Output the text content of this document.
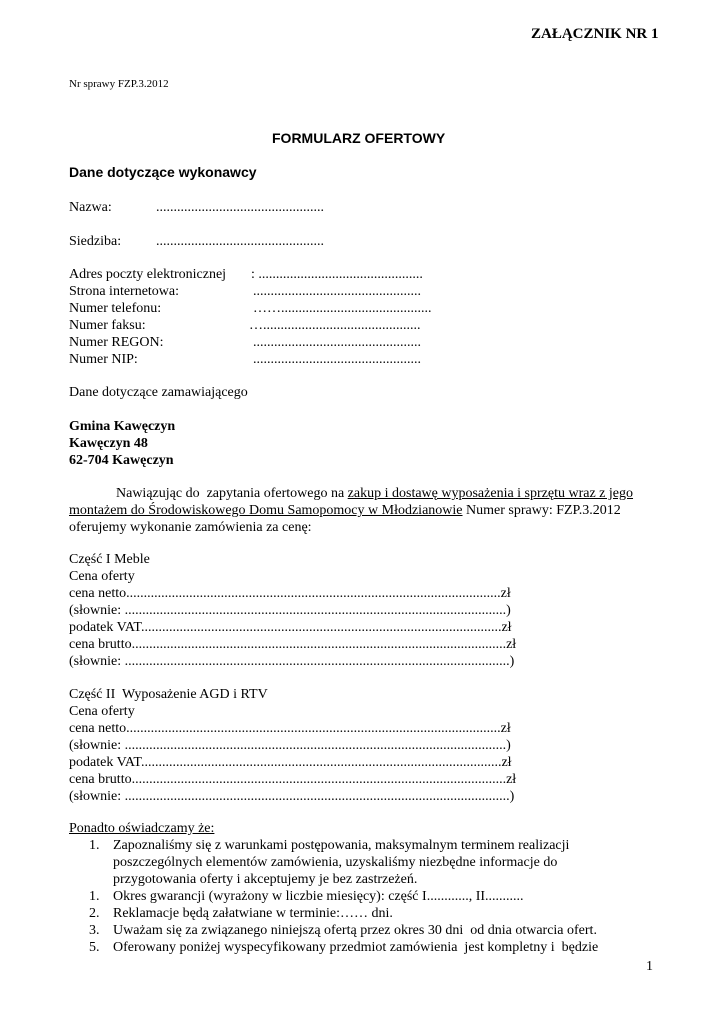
ZAŁĄCZNIK NR 1
Nr sprawy FZP.3.2012
FORMULARZ OFERTOWY
Dane dotyczące wykonawcy
Nazwa:	................................................
Siedziba: ................................................
Adres poczty elektronicznej : ...............................................
Strona internetowa:	................................................
Numer telefonu:	……...........................................
Numer faksu:	….............................................
Numer REGON:	................................................
Numer NIP:	................................................
Dane dotyczące zamawiającego
Gmina Kawęczyn
Kawęczyn 48
62-704 Kawęczyn
Nawiązując do  zapytania ofertowego na zakup i dostawę wyposażenia i sprzętu wraz z jego
montażem do Środowiskowego Domu Samopomocy w Młodzianowie Numer sprawy: FZP.3.2012
oferujemy wykonanie zamówienia za cenę:
Część I Meble
Cena oferty
cena netto...........................................................................................................zł
(słownie: .............................................................................................................)
podatek VAT.......................................................................................................zł
cena brutto...........................................................................................................zł
(słownie: ..............................................................................................................)
Część II  Wyposażenie AGD i RTV
Cena oferty
cena netto...........................................................................................................zł
(słownie: .............................................................................................................)
podatek VAT.......................................................................................................zł
cena brutto...........................................................................................................zł
(słownie: ..............................................................................................................)
Ponadto oświadczamy że:
1. Zapoznaliśmy się z warunkami postępowania, maksymalnym terminem realizacji
poszczególnych elementów zamówienia, uzyskaliśmy niezbędne informacje do
przygotowania oferty i akceptujemy je bez zastrzeżeń.
1. Okres gwarancji (wyrażony w liczbie miesięcy): część I............, II...........
2. Reklamacje będą załatwiane w terminie:…… dni.
3. Uważam się za związanego niniejszą ofertą przez okres 30 dni  od dnia otwarcia ofert.
5. Oferowany poniżej wyspecyfikowany przedmiot zamówienia  jest kompletny i  będzie
1
